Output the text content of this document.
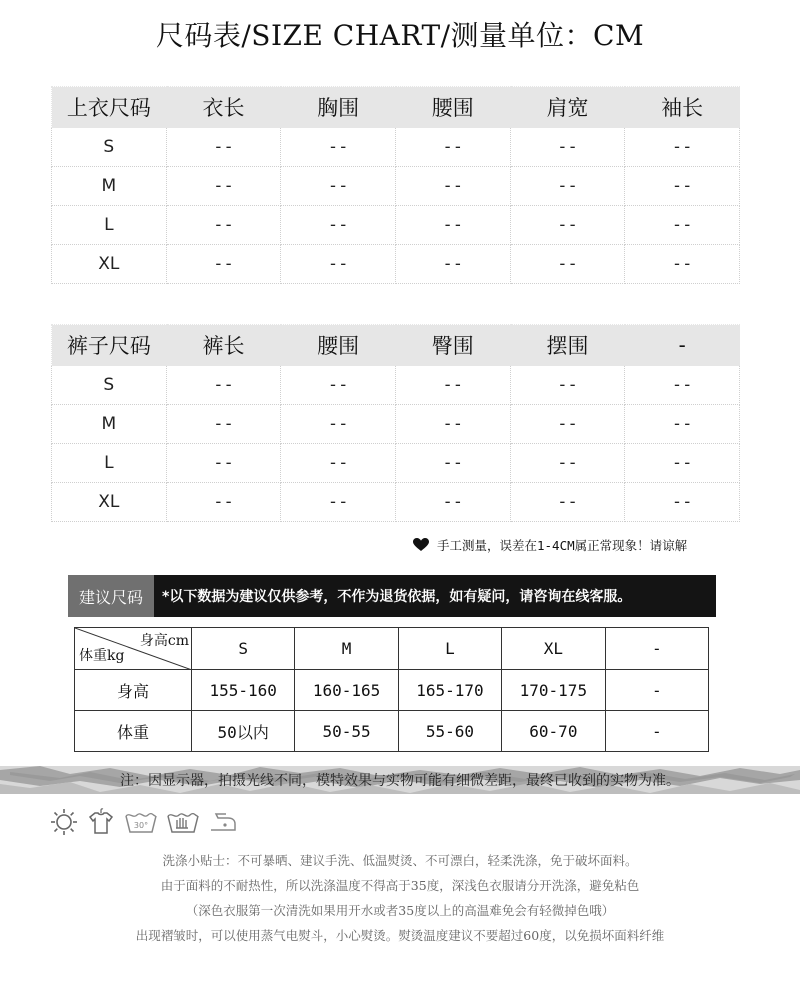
尺码表/SIZE CHART/测量单位：CM
上衣尺码	衣长	胸围	腰围	肩宽	袖长
S	--	--	--	--	--
M	--	--	--	--	--
L	--	--	--	--	--
XL	--	--	--	--	--
裤子尺码	裤长	腰围	臀围	摆围	-
S	--	--	--	--	--
M	--	--	--	--	--
L	--	--	--	--	--
XL	--	--	--	--	--
手工测量，误差在1-4CM属正常现象！请谅解
建议尺码	*以下数据为建议仅供参考，不作为退货依据，如有疑问，请咨询在线客服。
身高cm
体重kg	S	M	L	XL	-
身高	155-160	160-165	165-170	170-175	-
体重	50以内	50-55	55-60	60-70	-
注：因显示器，拍摄光线不同，模特效果与实物可能有细微差距，最终已收到的实物为准。
30°
洗涤小贴士：不可暴晒、建议手洗、低温熨烫、不可漂白，轻柔洗涤，免于破坏面料。
由于面料的不耐热性，所以洗涤温度不得高于35度，深浅色衣服请分开洗涤，避免粘色
（深色衣服第一次清洗如果用开水或者35度以上的高温难免会有轻微掉色哦）
出现褶皱时，可以使用蒸气电熨斗，小心熨烫。熨烫温度建议不要超过60度，以免损坏面料纤维
